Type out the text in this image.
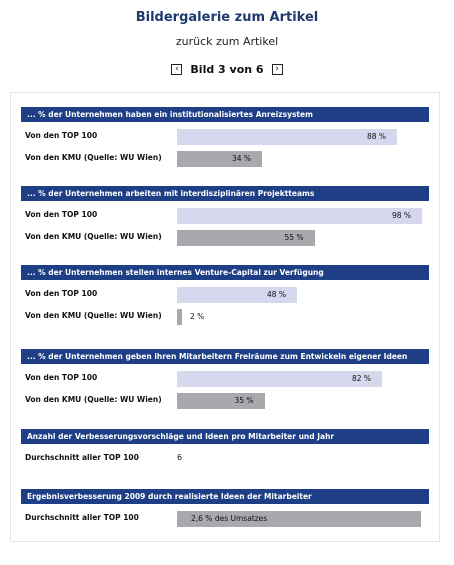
Bildergalerie zum Artikel
zurück zum Artikel
‹ Bild 3 von 6 ›
... % der Unternehmen haben ein institutionalisiertes Anreizsystem
Von den TOP 100	88 %
Von den KMU (Quelle: WU Wien)	34 %
... % der Unternehmen arbeiten mit interdisziplinären Projektteams
Von den TOP 100	98 %
Von den KMU (Quelle: WU Wien)	55 %
... % der Unternehmen stellen internes Venture-Capital zur Verfügung
Von den TOP 100	48 %
Von den KMU (Quelle: WU Wien)	2 %
... % der Unternehmen geben ihren Mitarbeitern Freiräume zum Entwickeln eigener Ideen
Von den TOP 100	82 %
Von den KMU (Quelle: WU Wien)	35 %
Anzahl der Verbesserungsvorschläge und Ideen pro Mitarbeiter und Jahr
Durchschnitt aller TOP 100	6
Ergebnisverbesserung 2009 durch realisierte Ideen der Mitarbeiter
Durchschnitt aller TOP 100	2,6 % des Umsatzes
